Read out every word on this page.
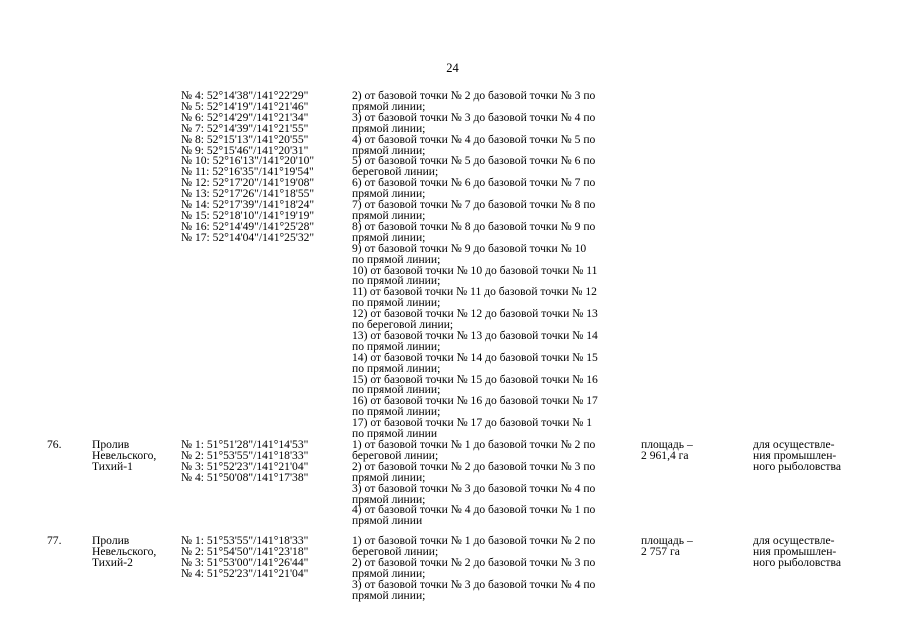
24
№ 4: 52°14'38"/141°22'29"
№ 5: 52°14'19"/141°21'46"
№ 6: 52°14'29"/141°21'34"
№ 7: 52°14'39"/141°21'55"
№ 8: 52°15'13"/141°20'55"
№ 9: 52°15'46"/141°20'31"
№ 10: 52°16'13"/141°20'10"
№ 11: 52°16'35"/141°19'54"
№ 12: 52°17'20"/141°19'08"
№ 13: 52°17'26"/141°18'55"
№ 14: 52°17'39"/141°18'24"
№ 15: 52°18'10"/141°19'19"
№ 16: 52°14'49"/141°25'28"
№ 17: 52°14'04"/141°25'32"
2) от базовой точки № 2 до базовой точки № 3 по
прямой линии;
3) от базовой точки № 3 до базовой точки № 4 по
прямой линии;
4) от базовой точки № 4 до базовой точки № 5 по
прямой линии;
5) от базовой точки № 5 до базовой точки № 6 по
береговой линии;
6) от базовой точки № 6 до базовой точки № 7 по
прямой линии;
7) от базовой точки № 7 до базовой точки № 8 по
прямой линии;
8) от базовой точки № 8 до базовой точки № 9 по
прямой линии;
9) от базовой точки № 9 до базовой точки № 10
по прямой линии;
10) от базовой точки № 10 до базовой точки № 11
по прямой линии;
11) от базовой точки № 11 до базовой точки № 12
по прямой линии;
12) от базовой точки № 12 до базовой точки № 13
по береговой линии;
13) от базовой точки № 13 до базовой точки № 14
по прямой линии;
14) от базовой точки № 14 до базовой точки № 15
по прямой линии;
15) от базовой точки № 15 до базовой точки № 16
по прямой линии;
16) от базовой точки № 16 до базовой точки № 17
по прямой линии;
17) от базовой точки № 17 до базовой точки № 1
по прямой линии
76.	Пролив
Невельского,
Тихий-1
№ 1: 51°51'28"/141°14'53"
№ 2: 51°53'55"/141°18'33"
№ 3: 51°52'23"/141°21'04"
№ 4: 51°50'08"/141°17'38"
1) от базовой точки № 1 до базовой точки № 2 по
береговой линии;
2) от базовой точки № 2 до базовой точки № 3 по
прямой линии;
3) от базовой точки № 3 до базовой точки № 4 по
прямой линии;
4) от базовой точки № 4 до базовой точки № 1 по
прямой линии
площадь –
2 961,4 га
для осуществле-
ния промышлен-
ного рыболовства
77.	Пролив
Невельского,
Тихий-2
№ 1: 51°53'55"/141°18'33"
№ 2: 51°54'50"/141°23'18"
№ 3: 51°53'00"/141°26'44"
№ 4: 51°52'23"/141°21'04"
1) от базовой точки № 1 до базовой точки № 2 по
береговой линии;
2) от базовой точки № 2 до базовой точки № 3 по
прямой линии;
3) от базовой точки № 3 до базовой точки № 4 по
прямой линии;
площадь –
2 757 га
для осуществле-
ния промышлен-
ного рыболовства
